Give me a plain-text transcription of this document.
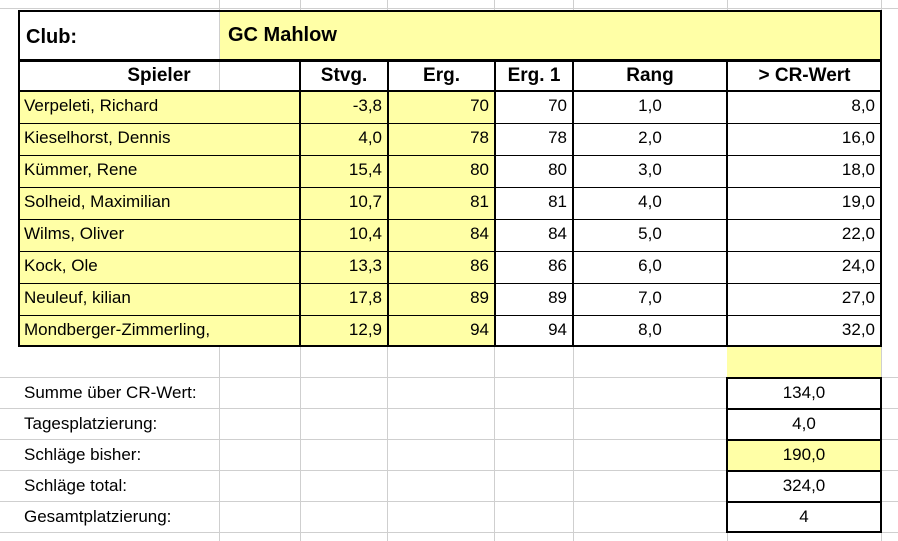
Club:	GC Mahlow
Spieler	Stvg.	Erg.	Erg. 1	Rang	> CR-Wert
Verpeleti, Richard	-3,8	70	70	1,0	8,0
Kieselhorst, Dennis	4,0	78	78	2,0	16,0
Kümmer, Rene	15,4	80	80	3,0	18,0
Solheid, Maximilian	10,7	81	81	4,0	19,0
Wilms, Oliver	10,4	84	84	5,0	22,0
Kock, Ole	13,3	86	86	6,0	24,0
Neuleuf, kilian	17,8	89	89	7,0	27,0
Mondberger-Zimmerling,	12,9	94	94	8,0	32,0
Summe über CR-Wert:	134,0
Tagesplatzierung:	4,0
Schläge bisher:	190,0
Schläge total:	324,0
Gesamtplatzierung:	4
